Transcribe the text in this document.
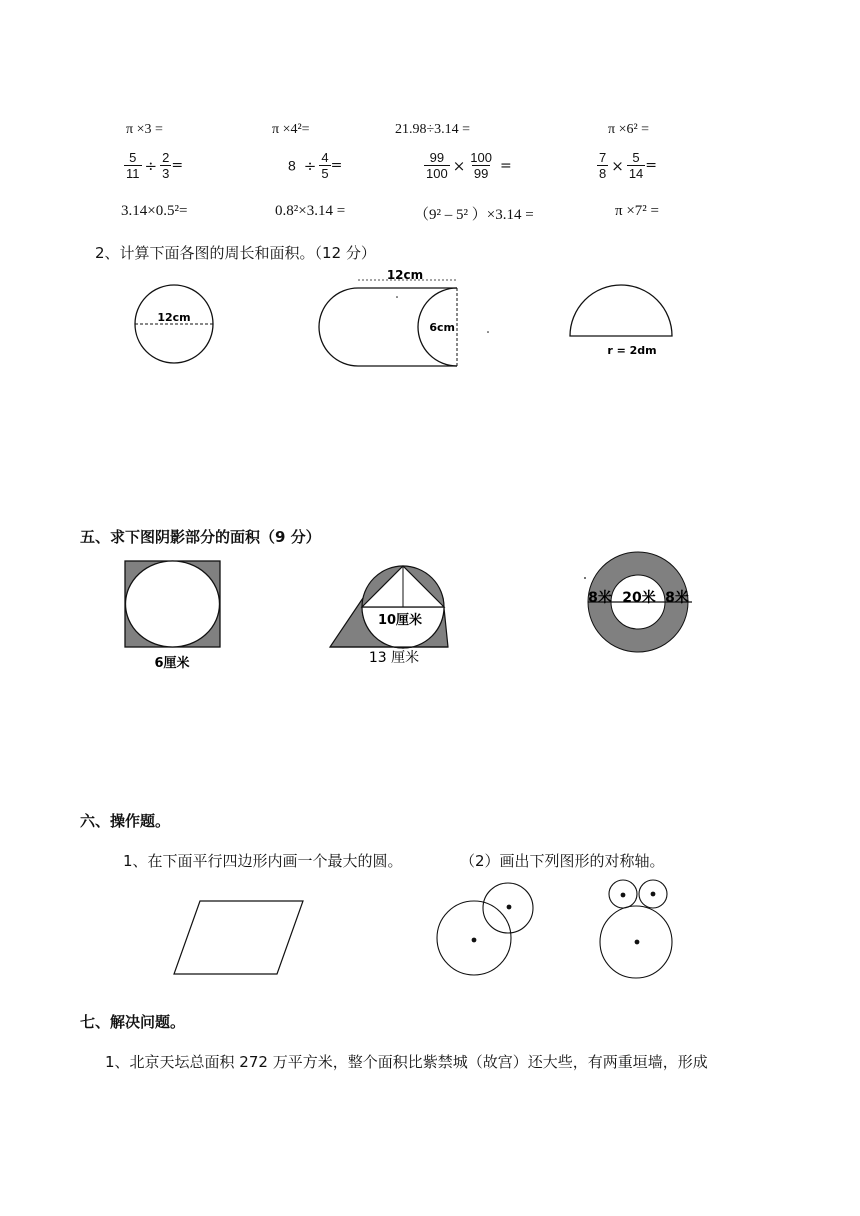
π ×3 =	π ×4²=	21.98÷3.14 =	π ×6² =
$\frac{5}{11} \div \frac{2}{3}$ =	$8 \div \frac{4}{5}$ =	$\frac{99}{100} \times \frac{100}{99}$ =	$\frac{7}{8} \times \frac{5}{14}$ =
3.14×0.5²=	0.8²×3.14 =	（9² – 5² ）×3.14 =	π ×7² =
2、计算下面各图的周长和面积。（12 分）
12cm
12cm
6cm
r = 2dm
五、求下图阴影部分的面积（9 分）
6厘米
10厘米
13 厘米
8米 20米 8米
六、操作题。
1、在下面平行四边形内画一个最大的圆。	（2）画出下列图形的对称轴。
七、解决问题。
1、北京天坛总面积 272 万平方米，整个面积比紫禁城（故宫）还大些，有两重垣墙，形成
